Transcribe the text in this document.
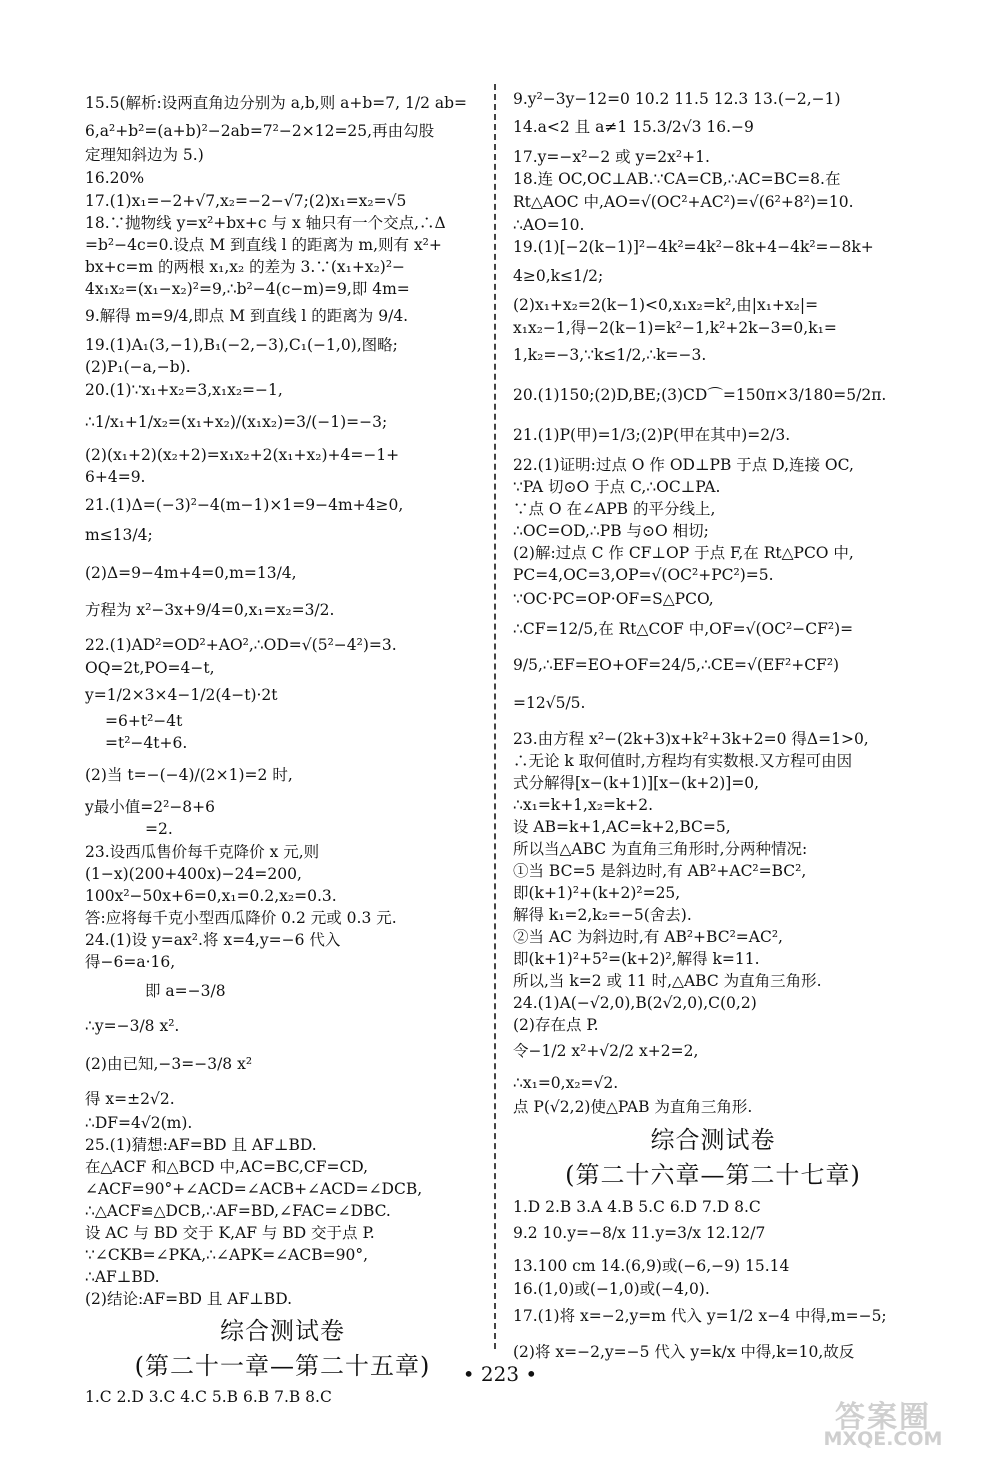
15.5(解析:设两直角边分别为 a,b,则 a+b=7, 1/2 ab=
6,a²+b²=(a+b)²−2ab=7²−2×12=25,再由勾股
定理知斜边为 5.)
16.20%
17.(1)x₁=−2+√7,x₂=−2−√7;(2)x₁=x₂=√5
18.∵抛物线 y=x²+bx+c 与 x 轴只有一个交点,∴Δ
=b²−4c=0.设点 M 到直线 l 的距离为 m,则有 x²+
bx+c=m 的两根 x₁,x₂ 的差为 3.∵(x₁+x₂)²−
4x₁x₂=(x₁−x₂)²=9,∴b²−4(c−m)=9,即 4m=
9.解得 m=9/4,即点 M 到直线 l 的距离为 9/4.
19.(1)A₁(3,−1),B₁(−2,−3),C₁(−1,0),图略;
(2)P₁(−a,−b).
20.(1)∵x₁+x₂=3,x₁x₂=−1,
∴1/x₁+1/x₂=(x₁+x₂)/(x₁x₂)=3/(−1)=−3;
(2)(x₁+2)(x₂+2)=x₁x₂+2(x₁+x₂)+4=−1+
6+4=9.
21.(1)Δ=(−3)²−4(m−1)×1=9−4m+4≥0,
m≤13/4;
(2)Δ=9−4m+4=0,m=13/4,
方程为 x²−3x+9/4=0,x₁=x₂=3/2.
22.(1)AD²=OD²+AO²,∴OD=√(5²−4²)=3.
OQ=2t,PO=4−t,
y=1/2×3×4−1/2(4−t)·2t
=6+t²−4t
=t²−4t+6.
(2)当 t=−(−4)/(2×1)=2 时,
y最小值=2²−8+6
=2.
23.设西瓜售价每千克降价 x 元,则
(1−x)(200+400x)−24=200,
100x²−50x+6=0,x₁=0.2,x₂=0.3.
答:应将每千克小型西瓜降价 0.2 元或 0.3 元.
24.(1)设 y=ax².将 x=4,y=−6 代入
得−6=a·16,
即 a=−3/8
∴y=−3/8 x².
(2)由已知,−3=−3/8 x²
得 x=±2√2.
∴DF=4√2(m).
25.(1)猜想:AF=BD 且 AF⊥BD.
在△ACF 和△BCD 中,AC=BC,CF=CD,
∠ACF=90°+∠ACD=∠ACB+∠ACD=∠DCB,
∴△ACF≌△DCB,∴AF=BD,∠FAC=∠DBC.
设 AC 与 BD 交于 K,AF 与 BD 交于点 P.
∵∠CKB=∠PKA,∴∠APK=∠ACB=90°,
∴AF⊥BD.
(2)结论:AF=BD 且 AF⊥BD.
综合测试卷
(第二十一章—第二十五章)
1.C 2.D 3.C 4.C 5.B 6.B 7.B 8.C
9.y²−3y−12=0 10.2 11.5 12.3 13.(−2,−1)
14.a<2 且 a≠1 15.3/2√3 16.−9
17.y=−x²−2 或 y=2x²+1.
18.连 OC,OC⊥AB.∵CA=CB,∴AC=BC=8.在
Rt△AOC 中,AO=√(OC²+AC²)=√(6²+8²)=10.
∴AO=10.
19.(1)[−2(k−1)]²−4k²=4k²−8k+4−4k²=−8k+
4≥0,k≤1/2;
(2)x₁+x₂=2(k−1)<0,x₁x₂=k²,由|x₁+x₂|=
x₁x₂−1,得−2(k−1)=k²−1,k²+2k−3=0,k₁=
1,k₂=−3,∵k≤1/2,∴k=−3.
20.(1)150;(2)D,BE;(3)CD⌒=150π×3/180=5/2π.
21.(1)P(甲)=1/3;(2)P(甲在其中)=2/3.
22.(1)证明:过点 O 作 OD⊥PB 于点 D,连接 OC,
∵PA 切⊙O 于点 C,∴OC⊥PA.
∵点 O 在∠APB 的平分线上,
∴OC=OD,∴PB 与⊙O 相切;
(2)解:过点 C 作 CF⊥OP 于点 F,在 Rt△PCO 中,
PC=4,OC=3,OP=√(OC²+PC²)=5.
∵OC·PC=OP·OF=S△PCO,
∴CF=12/5,在 Rt△COF 中,OF=√(OC²−CF²)=
9/5,∴EF=EO+OF=24/5,∴CE=√(EF²+CF²)
=12√5/5.
23.由方程 x²−(2k+3)x+k²+3k+2=0 得Δ=1>0,
∴无论 k 取何值时,方程均有实数根.又方程可由因
式分解得[x−(k+1)][x−(k+2)]=0,
∴x₁=k+1,x₂=k+2.
设 AB=k+1,AC=k+2,BC=5,
所以当△ABC 为直角三角形时,分两种情况:
①当 BC=5 是斜边时,有 AB²+AC²=BC²,
即(k+1)²+(k+2)²=25,
解得 k₁=2,k₂=−5(舍去).
②当 AC 为斜边时,有 AB²+BC²=AC²,
即(k+1)²+5²=(k+2)²,解得 k=11.
所以,当 k=2 或 11 时,△ABC 为直角三角形.
24.(1)A(−√2,0),B(2√2,0),C(0,2)
(2)存在点 P.
令−1/2 x²+√2/2 x+2=2,
∴x₁=0,x₂=√2.
点 P(√2,2)使△PAB 为直角三角形.
综合测试卷
(第二十六章—第二十七章)
1.D 2.B 3.A 4.B 5.C 6.D 7.D 8.C
9.2 10.y=−8/x 11.y=3/x 12.12/7
13.100 cm 14.(6,9)或(−6,−9) 15.14
16.(1,0)或(−1,0)或(−4,0).
17.(1)将 x=−2,y=m 代入 y=1/2 x−4 中得,m=−5;
(2)将 x=−2,y=−5 代入 y=k/x 中得,k=10,故反
• 223 •
答案圈
MXQE.COM
